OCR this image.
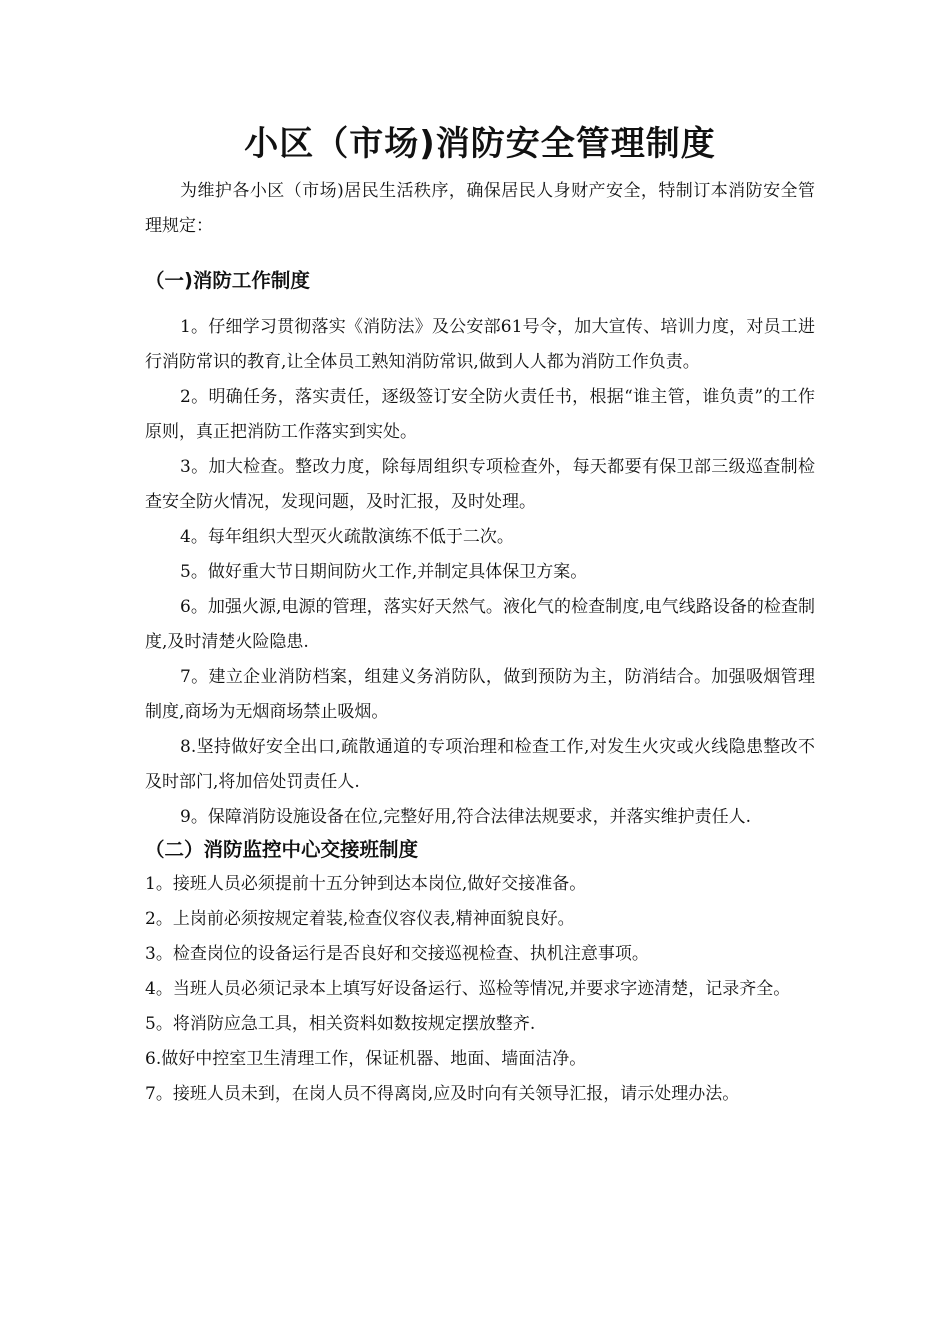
小区（市场)消防安全管理制度

为维护各小区（市场)居民生活秩序，确保居民人身财产安全，特制订本消防安全管理规定：

（一)消防工作制度

1。仔细学习贯彻落实《消防法》及公安部61号令，加大宣传、培训力度，对员工进行消防常识的教育,让全体员工熟知消防常识,做到人人都为消防工作负责。

2。明确任务，落实责任，逐级签订安全防火责任书，根据“谁主管，谁负责”的工作原则，真正把消防工作落实到实处。

3。加大检查。整改力度，除每周组织专项检查外，每天都要有保卫部三级巡查制检查安全防火情况，发现问题，及时汇报，及时处理。

4。每年组织大型灭火疏散演练不低于二次。

5。做好重大节日期间防火工作,并制定具体保卫方案。

6。加强火源,电源的管理，落实好天然气。液化气的检查制度,电气线路设备的检查制度,及时清楚火险隐患.

7。建立企业消防档案，组建义务消防队，做到预防为主，防消结合。加强吸烟管理制度,商场为无烟商场禁止吸烟。

8.坚持做好安全出口,疏散通道的专项治理和检查工作,对发生火灾或火线隐患整改不及时部门,将加倍处罚责任人.

9。保障消防设施设备在位,完整好用,符合法律法规要求，并落实维护责任人.

（二）消防监控中心交接班制度

1。接班人员必须提前十五分钟到达本岗位,做好交接准备。

2。上岗前必须按规定着装,检查仪容仪表,精神面貌良好。

3。检查岗位的设备运行是否良好和交接巡视检查、执机注意事项。

4。当班人员必须记录本上填写好设备运行、巡检等情况,并要求字迹清楚，记录齐全。

5。将消防应急工具，相关资料如数按规定摆放整齐.

6.做好中控室卫生清理工作，保证机器、地面、墙面洁净。

7。接班人员未到，在岗人员不得离岗,应及时向有关领导汇报，请示处理办法。
